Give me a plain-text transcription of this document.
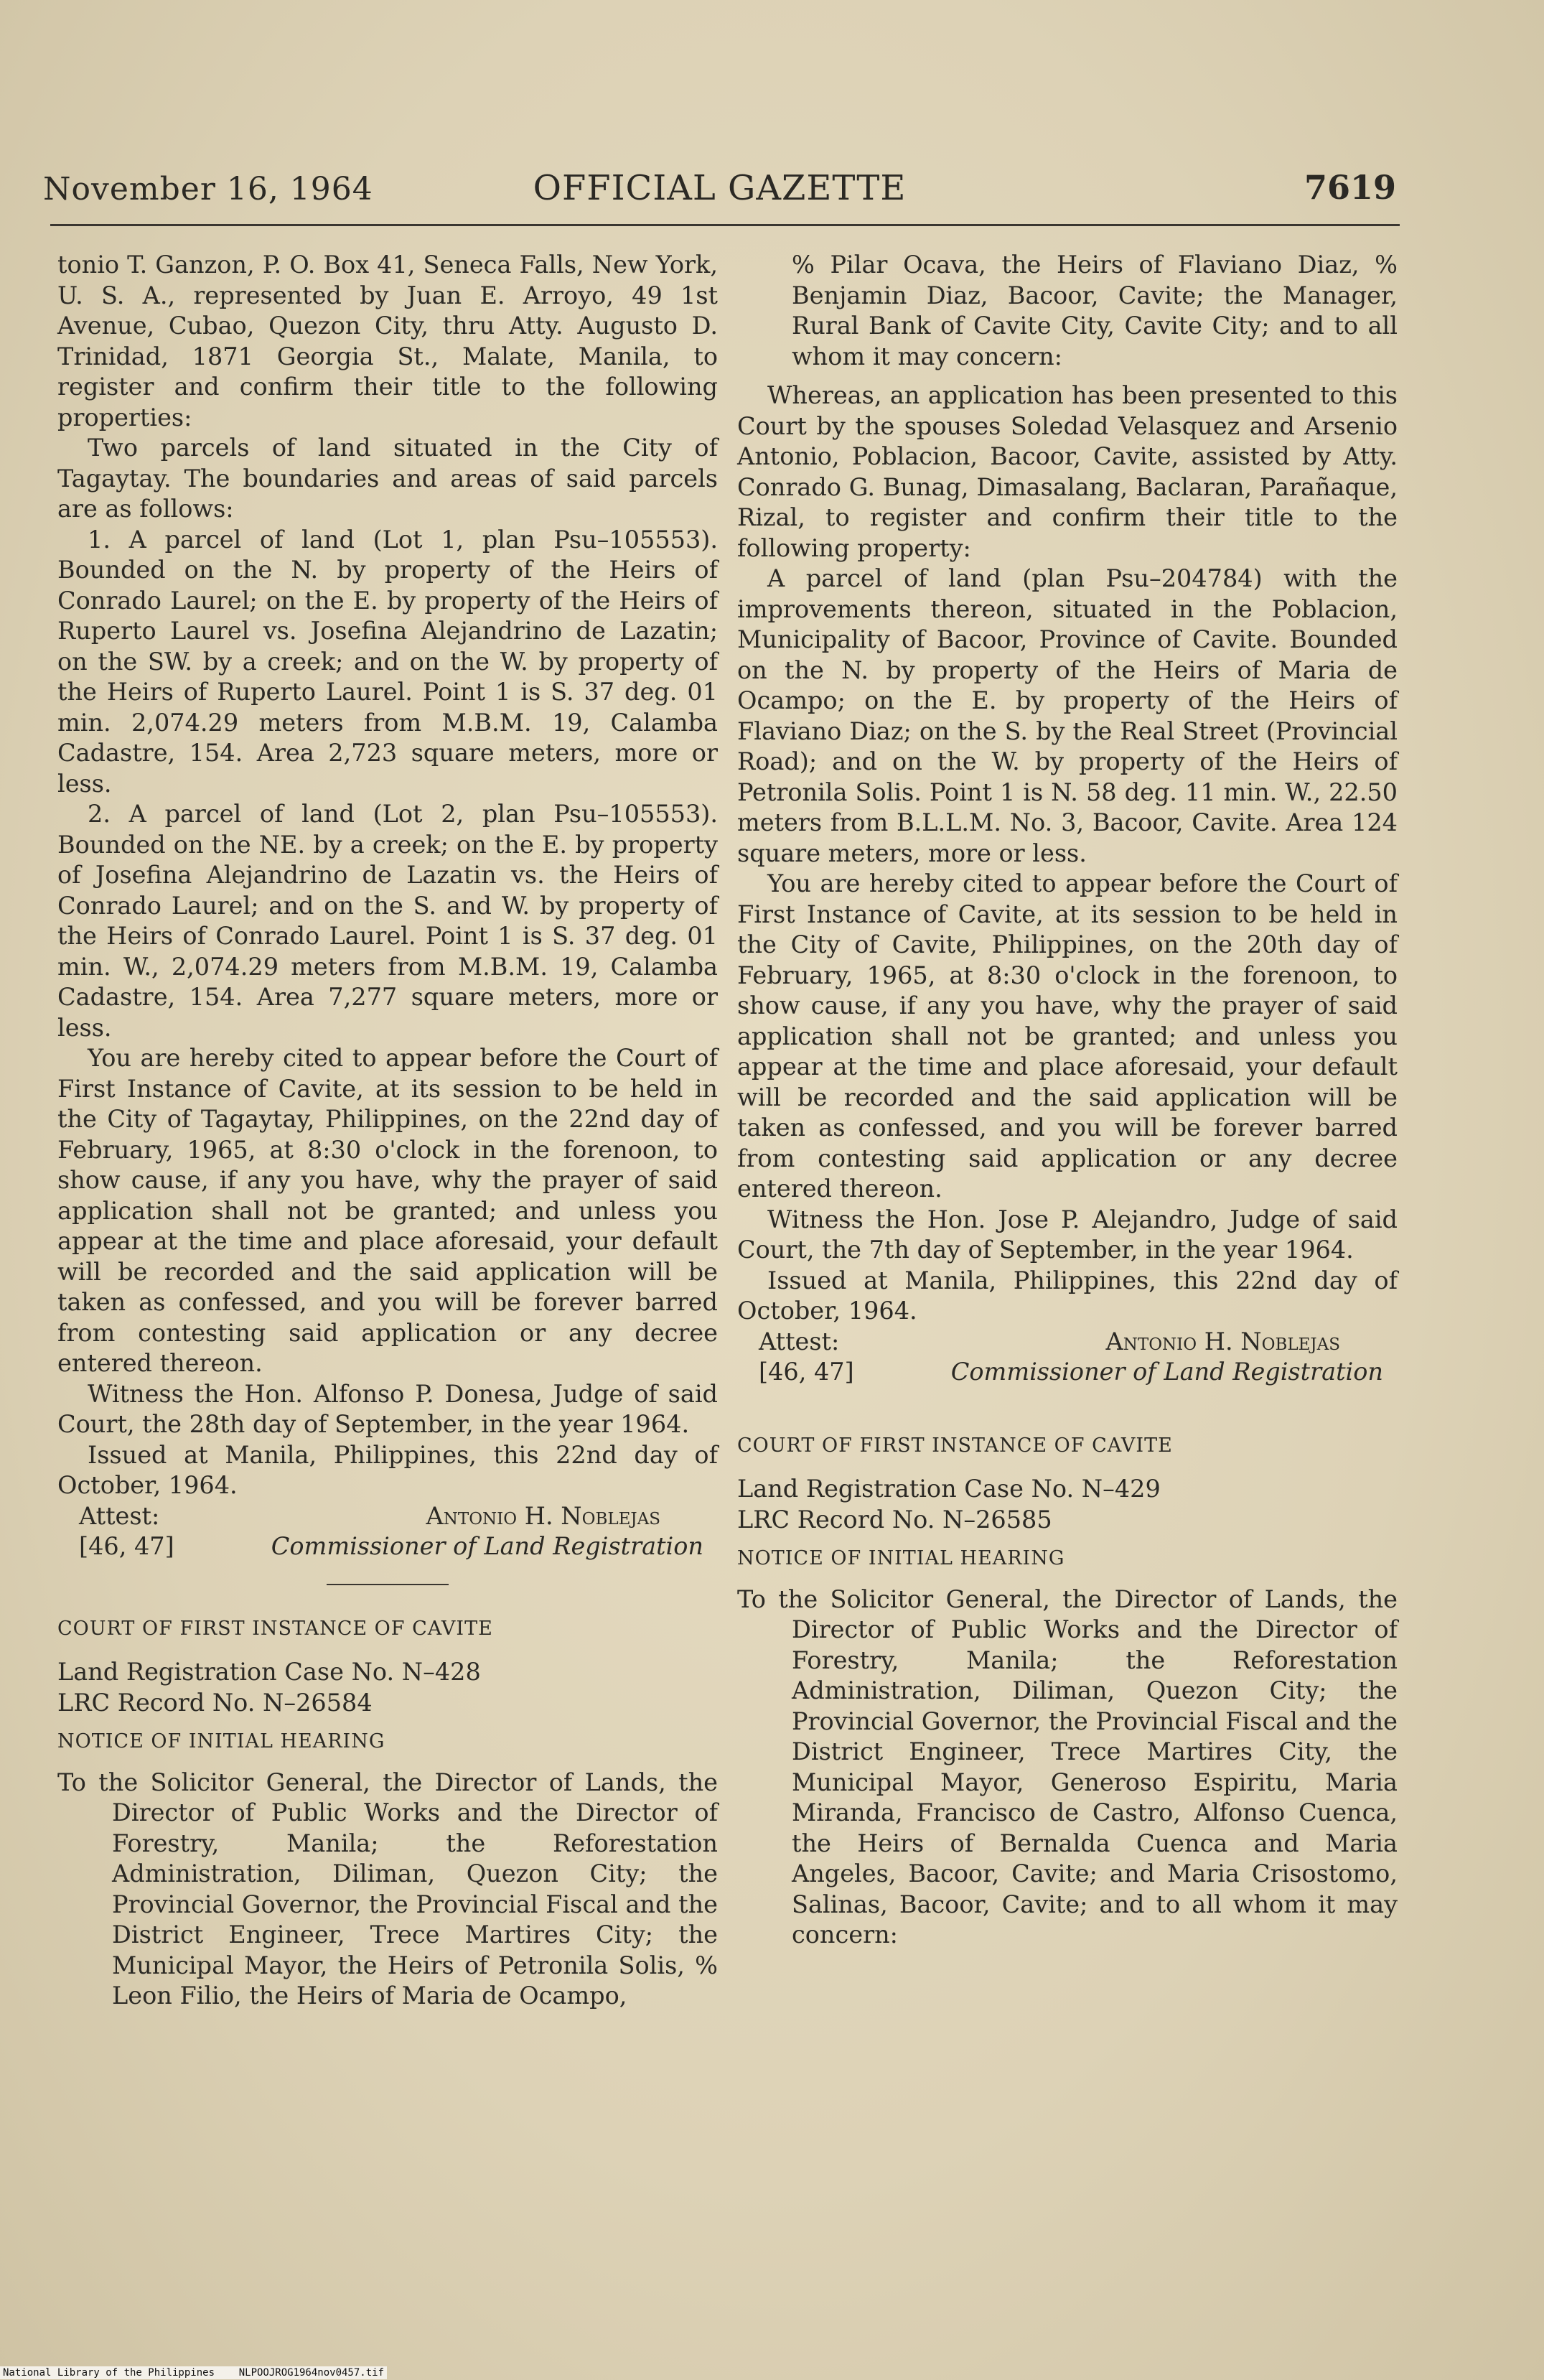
November 16, 1964	OFFICIAL GAZETTE	7619

tonio T. Ganzon, P. O. Box 41, Seneca Falls, New York, U. S. A., represented by Juan E. Arroyo, 49 1st Avenue, Cubao, Quezon City, thru Atty. Augusto D. Trinidad, 1871 Georgia St., Malate, Manila, to register and confirm their title to the following properties:

Two parcels of land situated in the City of Tagaytay. The boundaries and areas of said parcels are as follows:

1. A parcel of land (Lot 1, plan Psu–105553). Bounded on the N. by property of the Heirs of Conrado Laurel; on the E. by property of the Heirs of Ruperto Laurel vs. Josefina Alejandrino de Lazatin; on the SW. by a creek; and on the W. by property of the Heirs of Ruperto Laurel. Point 1 is S. 37 deg. 01 min. 2,074.29 meters from M.B.M. 19, Calamba Cadastre, 154. Area 2,723 square meters, more or less.

2. A parcel of land (Lot 2, plan Psu–105553). Bounded on the NE. by a creek; on the E. by property of Josefina Alejandrino de Lazatin vs. the Heirs of Conrado Laurel; and on the S. and W. by property of the Heirs of Conrado Laurel. Point 1 is S. 37 deg. 01 min. W., 2,074.29 meters from M.B.M. 19, Calamba Cadastre, 154. Area 7,277 square meters, more or less.

You are hereby cited to appear before the Court of First Instance of Cavite, at its session to be held in the City of Tagaytay, Philippines, on the 22nd day of February, 1965, at 8:30 o'clock in the forenoon, to show cause, if any you have, why the prayer of said application shall not be granted; and unless you appear at the time and place aforesaid, your default will be recorded and the said application will be taken as confessed, and you will be forever barred from contesting said application or any decree entered thereon.

Witness the Hon. Alfonso P. Donesa, Judge of said Court, the 28th day of September, in the year 1964.

Issued at Manila, Philippines, this 22nd day of October, 1964.

Attest:	Antonio H. Noblejas
[46, 47]	Commissioner of Land Registration

COURT OF FIRST INSTANCE OF CAVITE

Land Registration Case No. N–428

LRC Record No. N–26584

NOTICE OF INITIAL HEARING

To the Solicitor General, the Director of Lands, the Director of Public Works and the Director of Forestry, Manila; the Reforestation Administration, Diliman, Quezon City; the Provincial Governor, the Provincial Fiscal and the District Engineer, Trece Martires City; the Municipal Mayor, the Heirs of Petronila Solis, % Leon Filio, the Heirs of Maria de Ocampo,

% Pilar Ocava, the Heirs of Flaviano Diaz, % Benjamin Diaz, Bacoor, Cavite; the Manager, Rural Bank of Cavite City, Cavite City; and to all whom it may concern:

Whereas, an application has been presented to this Court by the spouses Soledad Velasquez and Arsenio Antonio, Poblacion, Bacoor, Cavite, assisted by Atty. Conrado G. Bunag, Dimasalang, Baclaran, Parañaque, Rizal, to register and confirm their title to the following property:

A parcel of land (plan Psu–204784) with the improvements thereon, situated in the Poblacion, Municipality of Bacoor, Province of Cavite. Bounded on the N. by property of the Heirs of Maria de Ocampo; on the E. by property of the Heirs of Flaviano Diaz; on the S. by the Real Street (Provincial Road); and on the W. by property of the Heirs of Petronila Solis. Point 1 is N. 58 deg. 11 min. W., 22.50 meters from B.L.L.M. No. 3, Bacoor, Cavite. Area 124 square meters, more or less.

You are hereby cited to appear before the Court of First Instance of Cavite, at its session to be held in the City of Cavite, Philippines, on the 20th day of February, 1965, at 8:30 o'clock in the forenoon, to show cause, if any you have, why the prayer of said application shall not be granted; and unless you appear at the time and place aforesaid, your default will be recorded and the said application will be taken as confessed, and you will be forever barred from contesting said application or any decree entered thereon.

Witness the Hon. Jose P. Alejandro, Judge of said Court, the 7th day of September, in the year 1964.

Issued at Manila, Philippines, this 22nd day of October, 1964.

Attest:	Antonio H. Noblejas
[46, 47]	Commissioner of Land Registration

COURT OF FIRST INSTANCE OF CAVITE

Land Registration Case No. N–429

LRC Record No. N–26585

NOTICE OF INITIAL HEARING

To the Solicitor General, the Director of Lands, the Director of Public Works and the Director of Forestry, Manila; the Reforestation Administration, Diliman, Quezon City; the Provincial Governor, the Provincial Fiscal and the District Engineer, Trece Martires City, the Municipal Mayor, Generoso Espiritu, Maria Miranda, Francisco de Castro, Alfonso Cuenca, the Heirs of Bernalda Cuenca and Maria Angeles, Bacoor, Cavite; and Maria Crisostomo, Salinas, Bacoor, Cavite; and to all whom it may concern:

National Library of the Philippines    NLPOOJROG1964nov0457.tif
